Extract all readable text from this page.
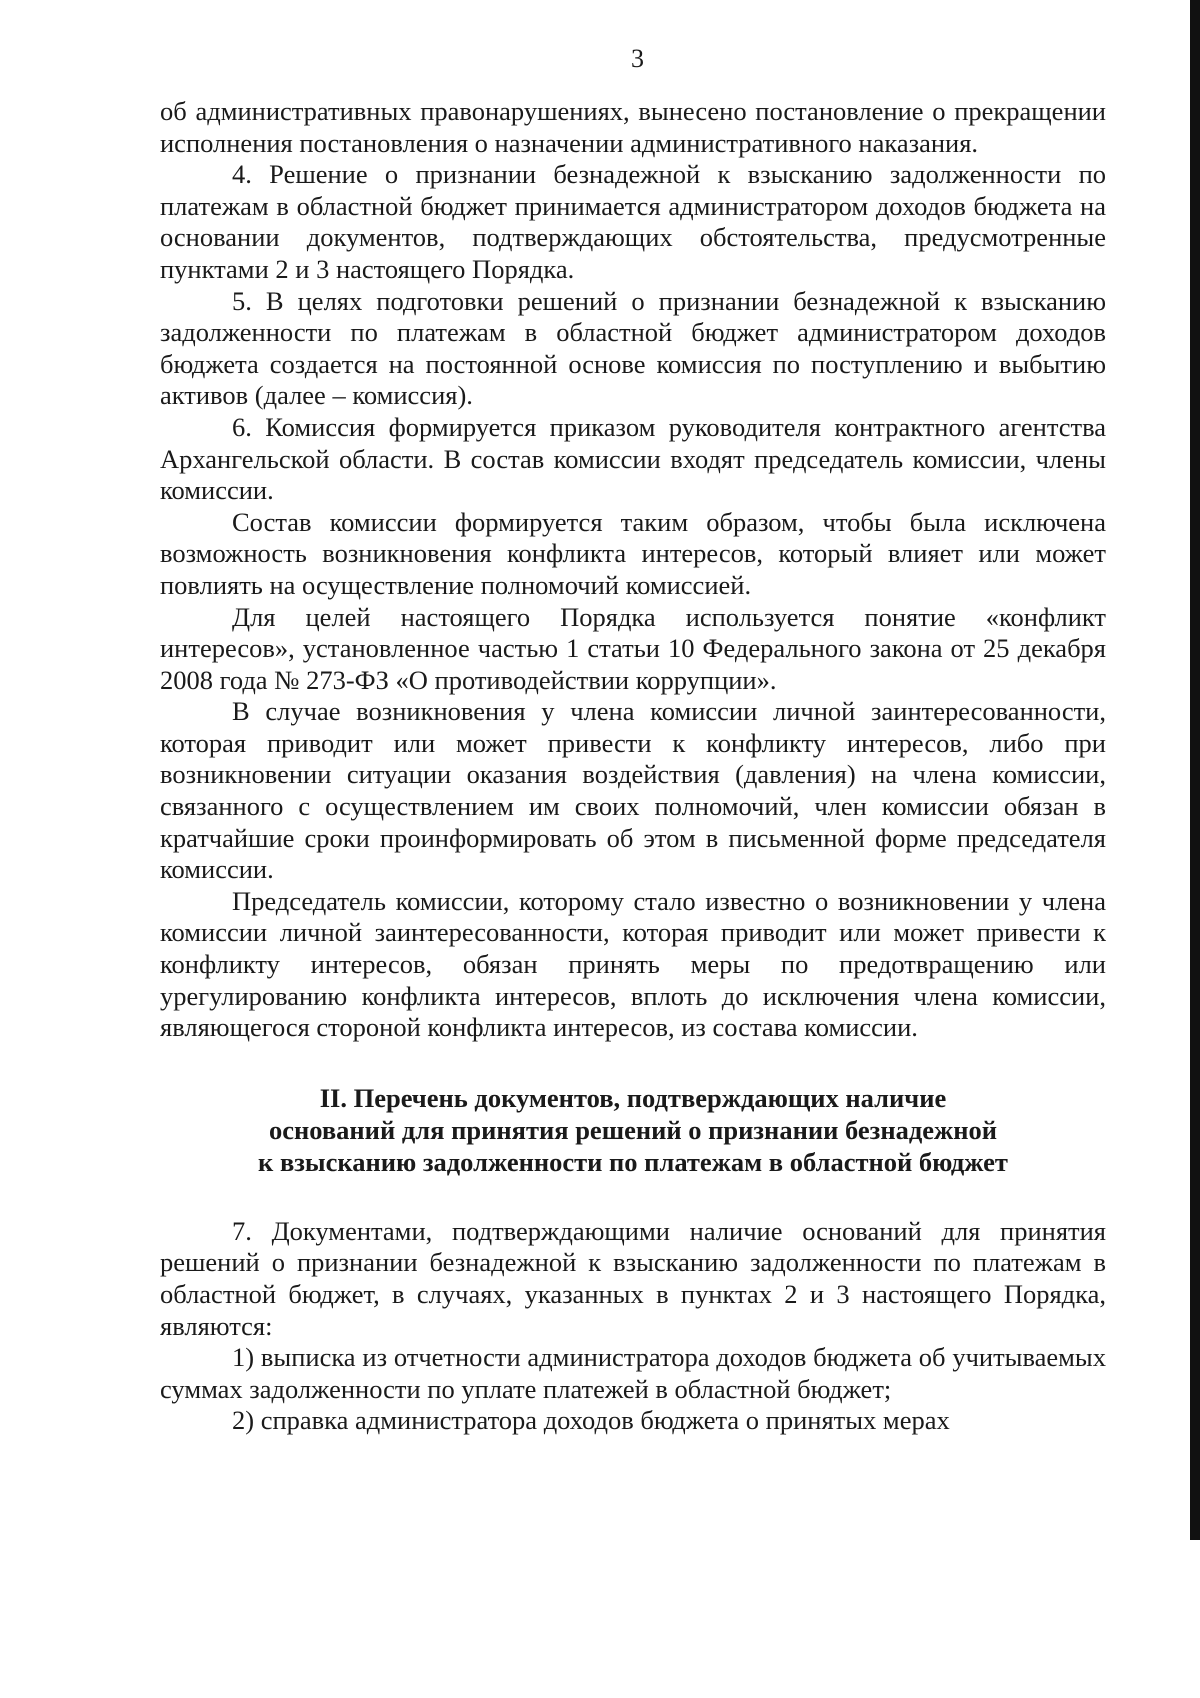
3

об административных правонарушениях, вынесено постановление о прекращении исполнения постановления о назначении административного наказания.

4. Решение о признании безнадежной к взысканию задолженности по платежам в областной бюджет принимается администратором доходов бюджета на основании документов, подтверждающих обстоятельства, предусмотренные пунктами 2 и 3 настоящего Порядка.

5. В целях подготовки решений о признании безнадежной к взысканию задолженности по платежам в областной бюджет администратором доходов бюджета создается на постоянной основе комиссия по поступлению и выбытию активов (далее – комиссия).

6. Комиссия формируется приказом руководителя контрактного агентства Архангельской области. В состав комиссии входят председатель комиссии, члены комиссии.

Состав комиссии формируется таким образом, чтобы была исключена возможность возникновения конфликта интересов, который влияет или может повлиять на осуществление полномочий комиссией.

Для целей настоящего Порядка используется понятие «конфликт интересов», установленное частью 1 статьи 10 Федерального закона от 25 декабря 2008 года № 273-ФЗ «О противодействии коррупции».

В случае возникновения у члена комиссии личной заинтересованности, которая приводит или может привести к конфликту интересов, либо при возникновении ситуации оказания воздействия (давления) на члена комиссии, связанного с осуществлением им своих полномочий, член комиссии обязан в кратчайшие сроки проинформировать об этом в письменной форме председателя комиссии.

Председатель комиссии, которому стало известно о возникновении у члена комиссии личной заинтересованности, которая приводит или может привести к конфликту интересов, обязан принять меры по предотвращению или урегулированию конфликта интересов, вплоть до исключения члена комиссии, являющегося стороной конфликта интересов, из состава комиссии.

II. Перечень документов, подтверждающих наличие
оснований для принятия решений о признании безнадежной
к взысканию задолженности по платежам в областной бюджет

7. Документами, подтверждающими наличие оснований для принятия решений о признании безнадежной к взысканию задолженности по платежам в областной бюджет, в случаях, указанных в пунктах 2 и 3 настоящего Порядка, являются:

1) выписка из отчетности администратора доходов бюджета об учитываемых суммах задолженности по уплате платежей в областной бюджет;

2) справка администратора доходов бюджета о принятых мерах
